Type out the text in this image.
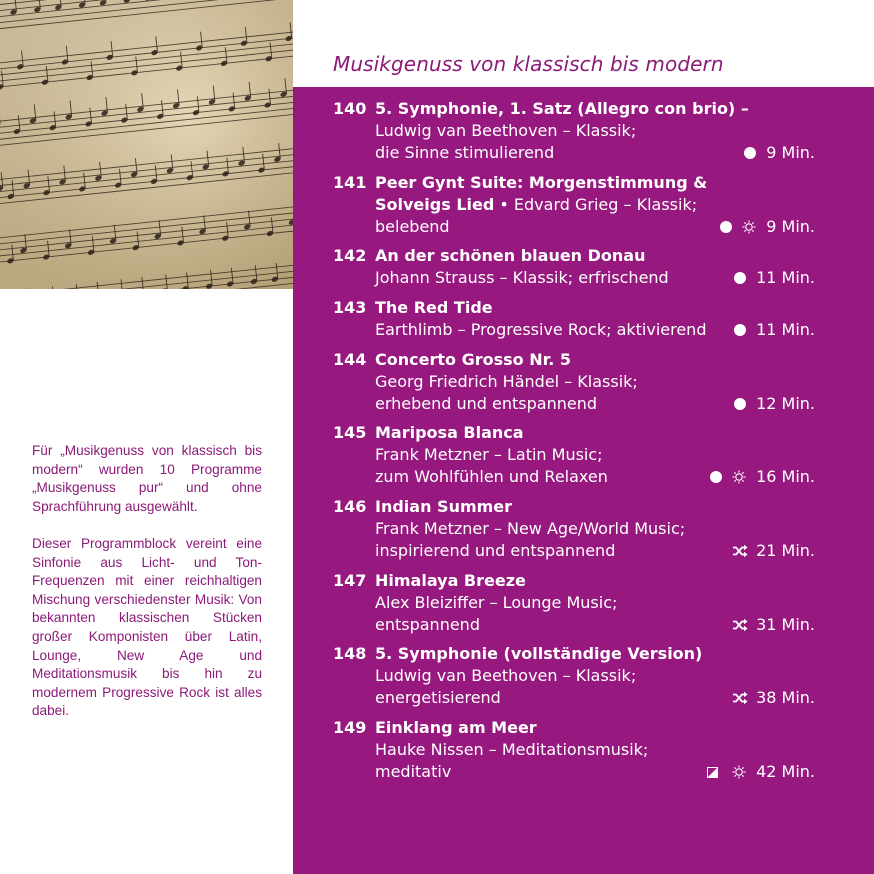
Musikgenuss von klassisch bis modern

Für „Musikgenuss von klassisch bis modern“ wurden 10 Programme „Musikgenuss pur“ und ohne Sprachführung ausgewählt.

Dieser Programmblock vereint eine Sinfonie aus Licht- und Ton-Frequenzen mit einer reichhaltigen Mischung verschiedenster Musik: Von bekannten klassischen Stücken großer Komponisten über Latin, Lounge, New Age und Meditationsmusik bis hin zu modernem Progressive Rock ist alles dabei.

140 5. Symphonie, 1. Satz (Allegro con brio) –
Ludwig van Beethoven – Klassik;
die Sinne stimulierend	9 Min.
141 Peer Gynt Suite: Morgenstimmung &
Solveigs Lied • Edvard Grieg – Klassik;
belebend	9 Min.
142 An der schönen blauen Donau
Johann Strauss – Klassik; erfrischend	11 Min.
143 The Red Tide
Earthlimb – Progressive Rock; aktivierend	11 Min.
144 Concerto Grosso Nr. 5
Georg Friedrich Händel – Klassik;
erhebend und entspannend	12 Min.
145 Mariposa Blanca
Frank Metzner – Latin Music;
zum Wohlfühlen und Relaxen	16 Min.
146 Indian Summer
Frank Metzner – New Age/World Music;
inspirierend und entspannend	21 Min.
147 Himalaya Breeze
Alex Bleiziffer – Lounge Music;
entspannend	31 Min.
148 5. Symphonie (vollständige Version)
Ludwig van Beethoven – Klassik;
energetisierend	38 Min.
149 Einklang am Meer
Hauke Nissen – Meditationsmusik;
meditativ	42 Min.
